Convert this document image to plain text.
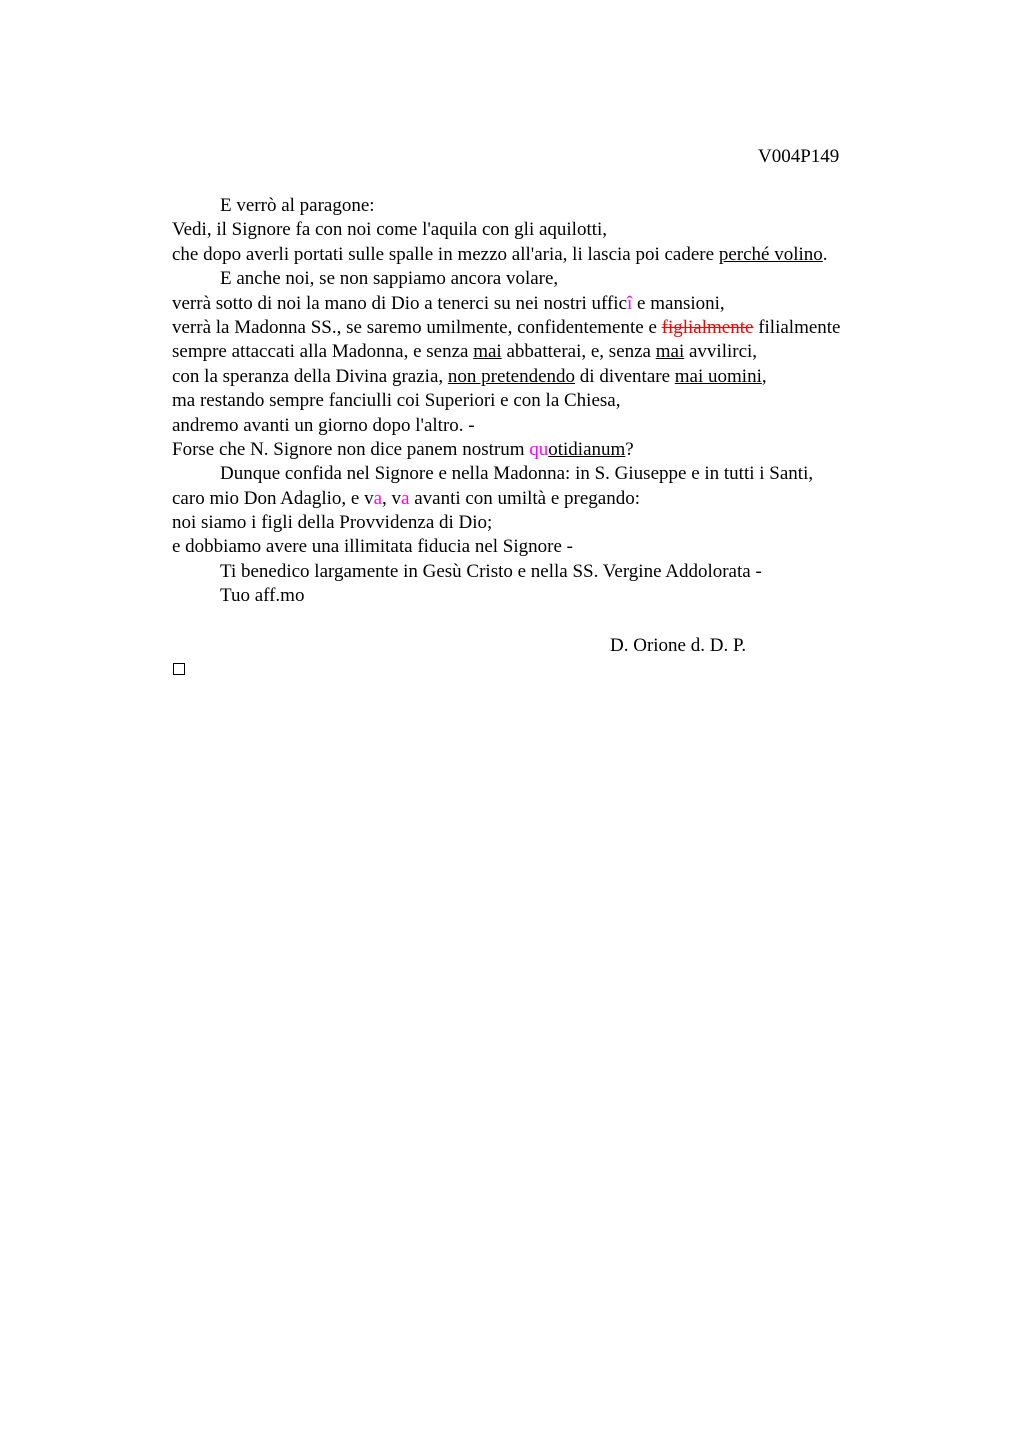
V004P149
E verrò al paragone:
Vedi, il Signore fa con noi come l'aquila con gli aquilotti,
che dopo averli portati sulle spalle in mezzo all'aria, li lascia poi cadere perché volino.
E anche noi, se non sappiamo ancora volare,
verrà sotto di noi la mano di Dio a tenerci su nei nostri ufficî e mansioni,
verrà la Madonna SS., se saremo umilmente, confidentemente e figlialmente filialmente
sempre attaccati alla Madonna, e senza mai abbatterai, e, senza mai avvilirci,
con la speranza della Divina grazia, non pretendendo di diventare mai uomini,
ma restando sempre fanciulli coi Superiori e con la Chiesa,
andremo avanti un giorno dopo l'altro. -
Forse che N. Signore non dice panem nostrum quotidianum?
Dunque confida nel Signore e nella Madonna: in S. Giuseppe e in tutti i Santi,
caro mio Don Adaglio, e va, va avanti con umiltà e pregando:
noi siamo i figli della Provvidenza di Dio;
e dobbiamo avere una illimitata fiducia nel Signore -
Ti benedico largamente in Gesù Cristo e nella SS. Vergine Addolorata -
Tuo aff.mo
D. Orione d. D. P.
